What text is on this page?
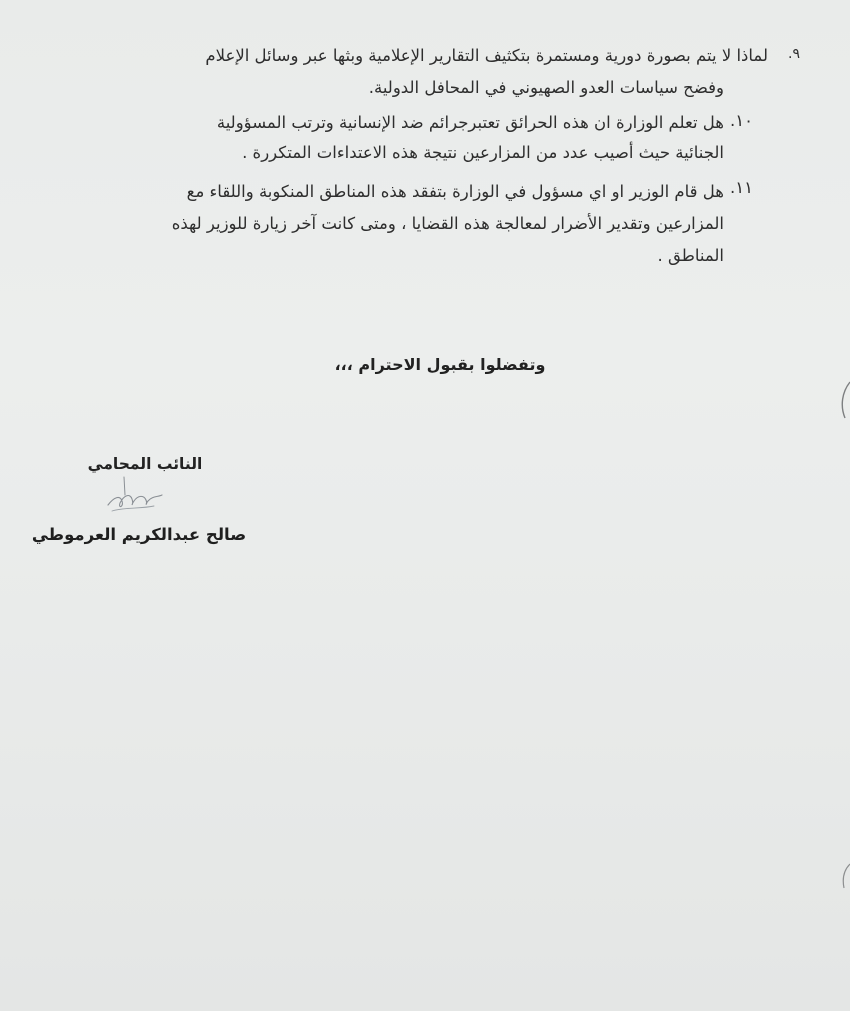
لماذا لا يتم بصورة دورية ومستمرة بتكثيف التقارير الإعلامية وبثها عبر وسائل الإعلام ٩.
وفضح سياسات العدو الصهيوني في المحافل الدولية.
١٠.
هل تعلم الوزارة ان هذه الحرائق تعتبرجرائم ضد الإنسانية وترتب المسؤولية
الجنائية حيث أصيب عدد من المزارعين نتيجة هذه الاعتداءات المتكررة .
١١.
هل قام الوزير او اي مسؤول في الوزارة بتفقد هذه المناطق المنكوبة واللقاء مع
المزارعين وتقدير الأضرار لمعالجة هذه القضايا ، ومتى كانت آخر زيارة للوزير لهذه
المناطق .
وتفضلوا بقبول الاحترام ،،،
النائب المحامي
صالح عبدالكريم العرموطي
